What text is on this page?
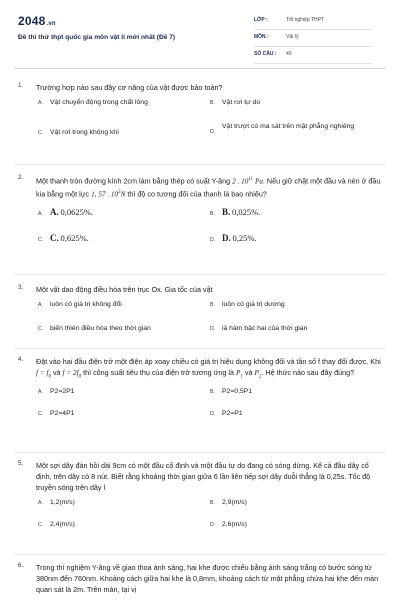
2048.vn
Đề thi thử thpt quốc gia môn vật lí mới nhất (Đề 7)
LỚP :	Tốt nghiệp THPT
MÔN :	Vật lý
SỐ CÂU : 40
1. Trường hợp nào sau đây cơ năng của vật được bảo toàn?
A. Vật chuyển động trong chất lỏng	B. Vật rơi tự do
C. Vật rơi trong không khí	D.
Vật trượt có ma sát trên mặt phẳng nghiêng
2. Một thanh tròn đường kính 2cm làm bằng thép có suất Y-âng 2 . $10^{11}$ Pa. Nếu giữ chặt một đầu và nén ở đầu kia bằng một lực 1, 57 . $10^5N$ thì độ co tương đối của thanh là bao nhiêu?
A. A. 0,0625%.	B. B. 0,025%.
C. C. 0,625%.	D. D. 0,25%.
3. Một vật dao động điều hòa trên trục Ox. Gia tốc của vật
A. luôn có giá trị không đổi	B. luôn có giá trị dương
C. biến thiên điều hòa theo thời gian	D. là hàm bậc hai của thời gian
4. Đặt vào hai đầu điện trở một điện áp xoay chiều có giá trị hiệu dụng không đổi và tần số f thay đổi được. Khi $f = f_0$ và $f = 2f_0$ thì công suất tiêu thụ của điện trở tương ứng là $P_1$ và $P_2$. Hệ thức nào sau đây đúng?
A. P2=2P1	B. P2=0,5P1
C. P2=4P1	D. P2=P1
5. Một sợi dây đàn hồi dài 9cm có một đầu cố định và một đầu tự do đang có sóng dừng. Kể cả đầu dây cố định, trên dây có 8 nút. Biết rằng khoảng thời gian giữa 6 lần liên tiếp sợi dây duỗi thẳng là 0,25s. Tốc độ truyền sóng trên dây l
A. 1,2(m/s)	B. 2,9(m/s)
C. 2,4(m/s)	D. 2,6(m/s)
6. Trong thí nghiệm Y-âng về giao thoa ánh sáng, hai khe được chiếu bằng ánh sáng trắng có bước sóng từ 380nm đến 760nm. Khoảng cách giữa hai khe là 0,8mm, khoảng cách từ mặt phẳng chứa hai khe đến màn quan sát là 2m. Trên màn, tại vị
